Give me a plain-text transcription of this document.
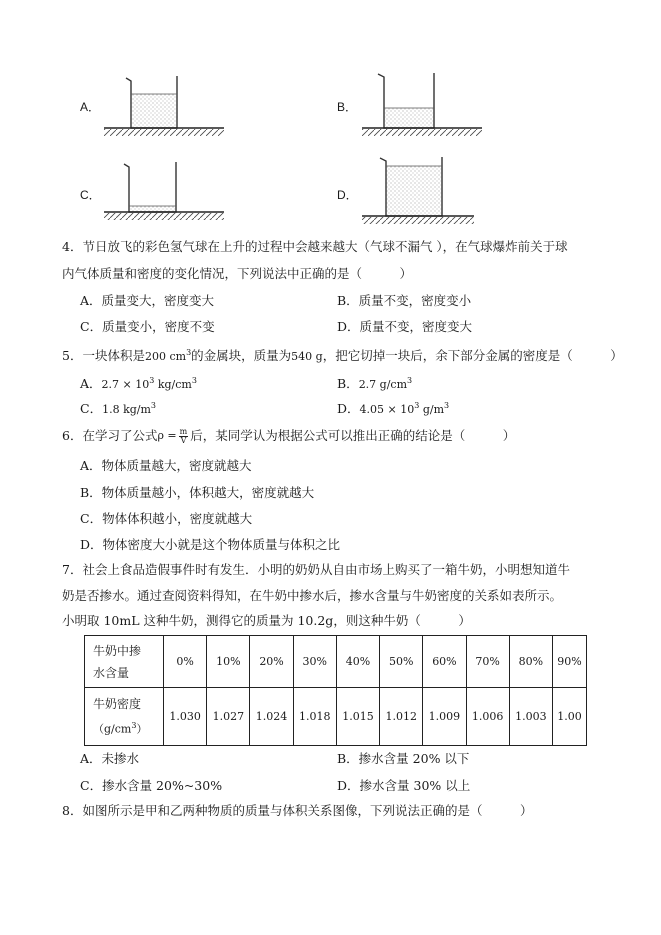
A．	B．
C．	D．
4．节日放飞的彩色氢气球在上升的过程中会越来越大（气球不漏气 ），在气球爆炸前关于球
内气体质量和密度的变化情况，下列说法中正确的是（　　　）
A．质量变大，密度变大	B．质量不变，密度变小
C．质量变小，密度不变	D．质量不变，密度变大
5．一块体积是200 $cm^3$的金属块，质量为540 g，把它切掉一块后，余下部分金属的密度是（　　　）
A．$2.7 \times 10^3$ $kg/cm^3$	B．2.7 $g/cm^3$
C．1.8 $kg/m^3$	D．$4.05 \times 10^3$ $g/m^3$
6．在学习了公式 $\rho = \frac{m}{V}$ 后，某同学认为根据公式可以推出正确的结论是（　　　）
A．物体质量越大，密度就越大
B．物体质量越小，体积越大，密度就越大
C．物体体积越小，密度就越大
D．物体密度大小就是这个物体质量与体积之比
7．社会上食品造假事件时有发生．小明的奶奶从自由市场上购买了一箱牛奶，小明想知道牛
奶是否掺水。通过查阅资料得知，在牛奶中掺水后，掺水含量与牛奶密度的关系如表所示。
小明取 10mL 这种牛奶，测得它的质量为 10.2g，则这种牛奶（　　　）
牛奶中掺
水含量	0%	10%	20%	30%	40%	50%	60%	70%	80%	90%

牛奶密度
$(g/cm^3)$	1.030	1.027	1.024	1.018	1.015	1.012	1.009	1.006	1.003	1.00
A．未掺水	B．掺水含量 20% 以下
C．掺水含量 20%~30%	D．掺水含量 30% 以上
8．如图所示是甲和乙两种物质的质量与体积关系图像，下列说法正确的是（　　　）
